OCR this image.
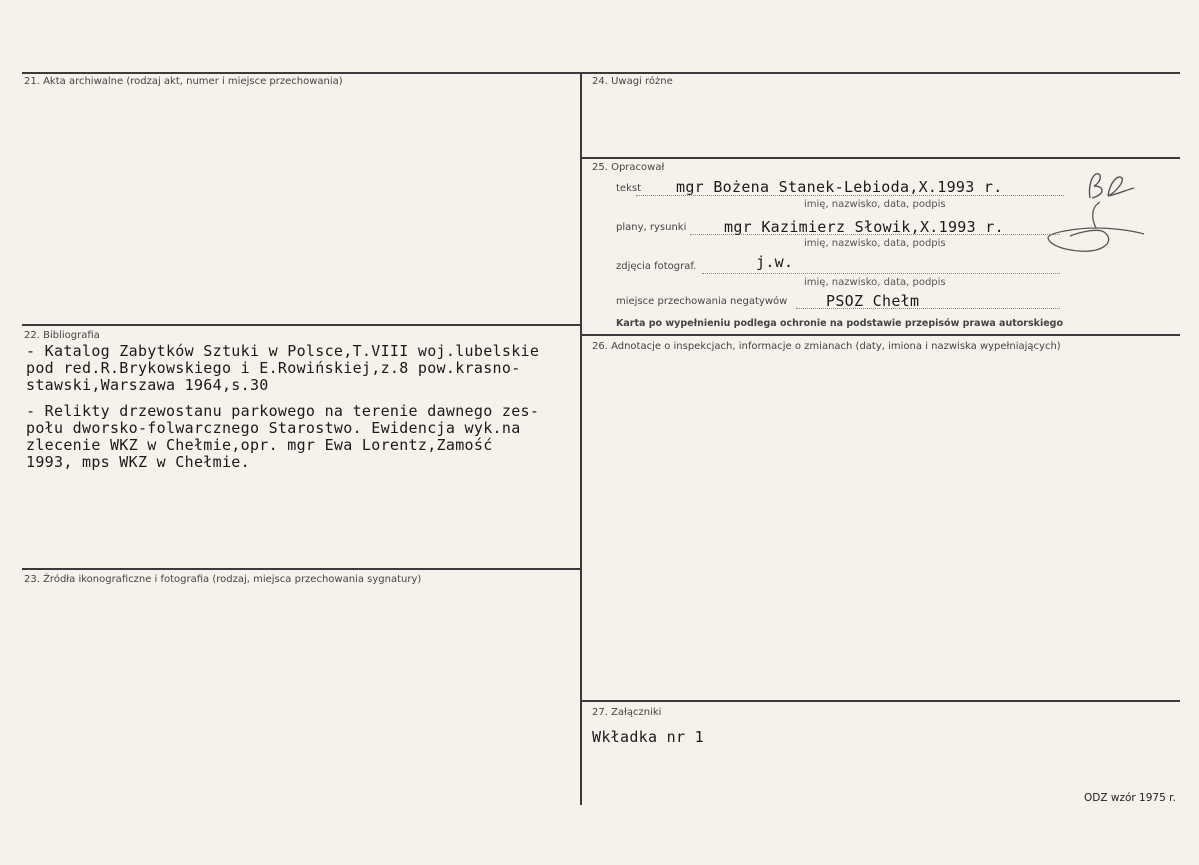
21. Akta archiwalne (rodzaj akt, numer i miejsce przechowania)
22. Bibliografia
- Katalog Zabytków Sztuki w Polsce,T.VIII woj.lubelskie
pod red.R.Brykowskiego i E.Rowińskiej,z.8 pow.krasno-
stawski,Warszawa 1964,s.30
- Relikty drzewostanu parkowego na terenie dawnego zes-
połu dworsko-folwarcznego Starostwo. Ewidencja wyk.na
zlecenie WKZ w Chełmie,opr. mgr Ewa Lorentz,Zamość
1993, mps WKZ w Chełmie.
23. Źródła ikonograficzne i fotografia (rodzaj, miejsca przechowania sygnatury)
24. Uwagi różne
25. Opracował
tekst mgr Bożena Stanek-Lebioda,X.1993 r.
imię, nazwisko, data, podpis
plany, rysunki	mgr Kazimierz Słowik,X.1993 r.
imię, nazwisko, data, podpis
zdjęcia fotograf.	j.w.
imię, nazwisko, data, podpis
miejsce przechowania negatywów	PSOZ Chełm
Karta po wypełnieniu podlega ochronie na podstawie przepisów prawa autorskiego
26. Adnotacje o inspekcjach, informacje o zmianach (daty, imiona i nazwiska wypełniających)
27. Załączniki
Wkładka nr 1
ODZ wzór 1975 r.
